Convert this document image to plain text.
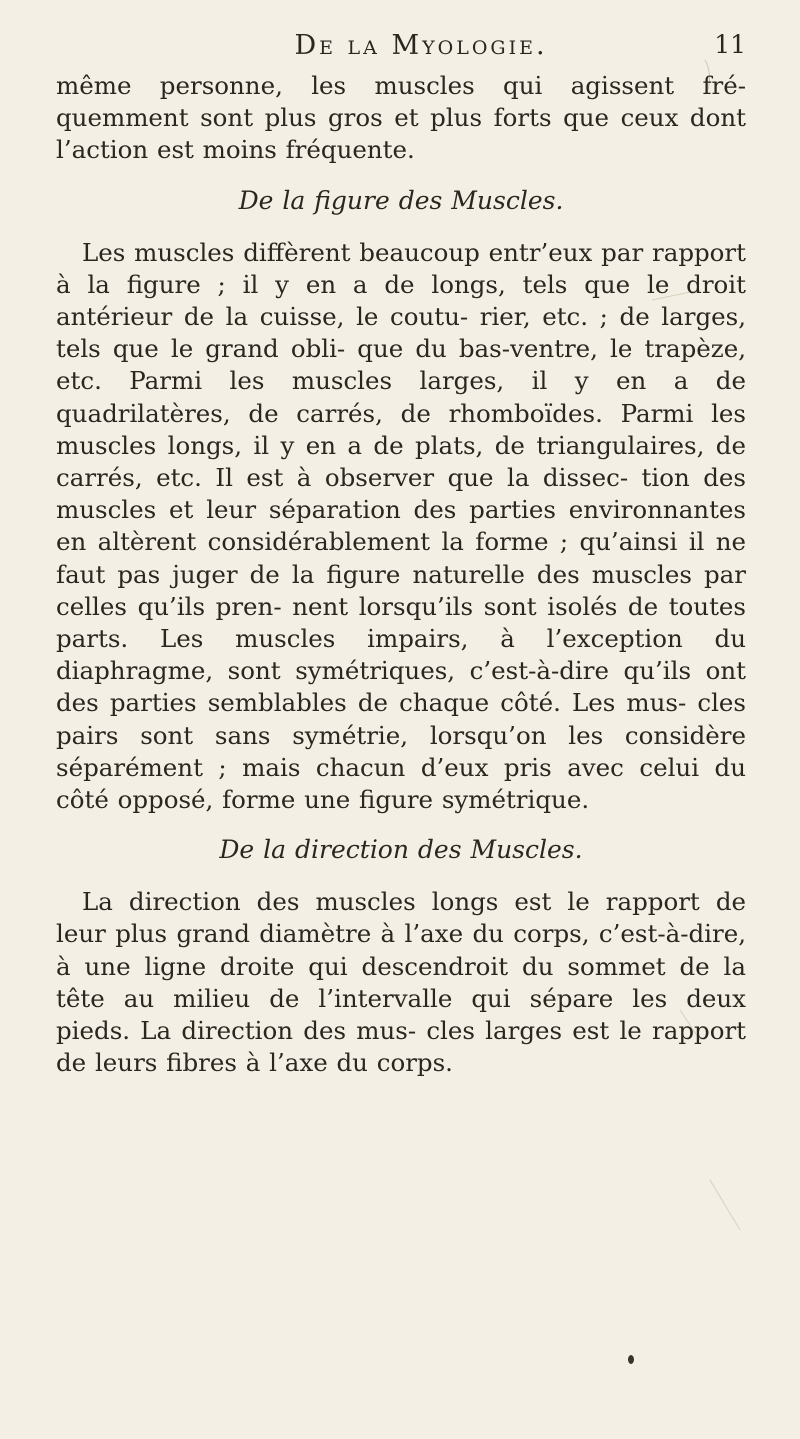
De la Myologie.	11

même personne, les muscles qui agissent fré- quemment sont plus gros et plus forts que ceux dont l’action est moins fréquente.

De la figure des Muscles.

Les muscles diffèrent beaucoup entr’eux par rapport à la figure ; il y en a de longs, tels que le droit antérieur de la cuisse, le coutu- rier, etc. ; de larges, tels que le grand obli- que du bas-ventre, le trapèze, etc. Parmi les muscles larges, il y en a de quadrilatères, de carrés, de rhomboïdes. Parmi les muscles longs, il y en a de plats, de triangulaires, de carrés, etc. Il est à observer que la dissec- tion des muscles et leur séparation des parties environnantes en altèrent considérablement la forme ; qu’ainsi il ne faut pas juger de la figure naturelle des muscles par celles qu’ils pren- nent lorsqu’ils sont isolés de toutes parts. Les muscles impairs, à l’exception du diaphragme, sont symétriques, c’est-à-dire qu’ils ont des parties semblables de chaque côté. Les mus- cles pairs sont sans symétrie, lorsqu’on les considère séparément ; mais chacun d’eux pris avec celui du côté opposé, forme une figure symétrique.

De la direction des Muscles.

La direction des muscles longs est le rapport de leur plus grand diamètre à l’axe du corps, c’est-à-dire, à une ligne droite qui descendroit du sommet de la tête au milieu de l’intervalle qui sépare les deux pieds. La direction des mus- cles larges est le rapport de leurs fibres à l’axe du corps.
